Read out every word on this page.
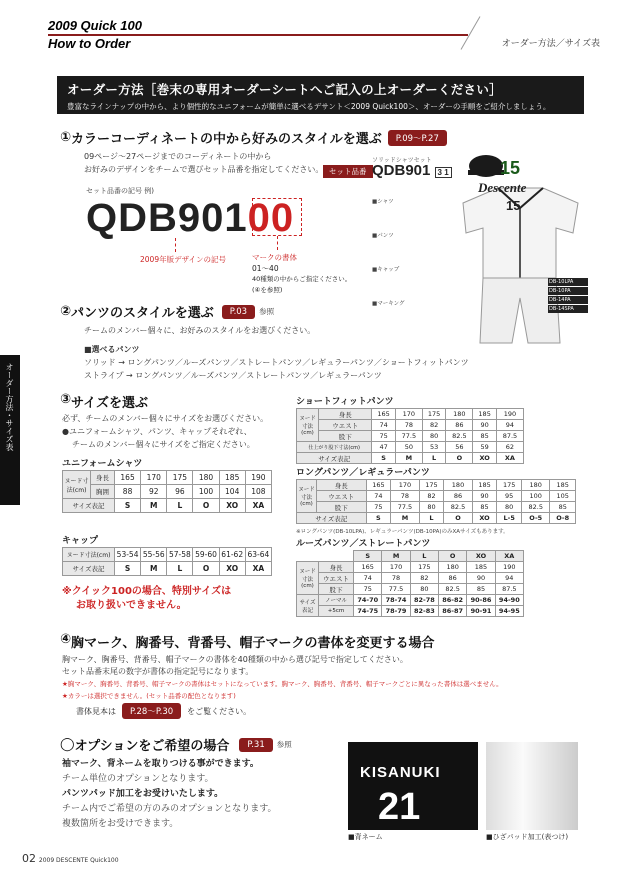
2009 Quick 100
How to Order	オーダー方法／サイズ表
オーダー方法・サイズ表
オーダー方法［巻末の専用オーダーシートへご記入の上オーダーください］
豊富なラインナップの中から、より個性的なユニフォームが簡単に選べるデサント＜2009 Quick100＞、オーダーの手順をご紹介しましょう。
① カラーコーディネートの中から好みのスタイルを選ぶ	P.09〜P.27
09ページ〜27ページまでのコーディネートの中から
お好みのデザインをチームで選びセット品番を指定してください。
セット品番の記号 例)
QDB90100
2009年版デザインの記号	マークの書体
01〜40
40種類の中からご指定ください。
(④を参照)
セット品番
ソリッドシャツセット
QDB901 3 1
■シャツ
■パンツ
■キャップ
■マーキング
Descente
15
15
DB-10LPA
DB-10PA
DB-14PA
DB-14SPA
② パンツのスタイルを選ぶ	P.03	参照
チームのメンバー個々に、お好みのスタイルをお選びください。
■選べるパンツ
ソリッド → ロングパンツ／ルーズパンツ／ストレートパンツ／レギュラーパンツ／ショートフィットパンツ
ストライプ → ロングパンツ／ルーズパンツ／ストレートパンツ／レギュラーパンツ
③ サイズを選ぶ
必ず、チームのメンバー個々にサイズをお選びください。
●ユニフォームシャツ、パンツ、キャップそれぞれ、
チームのメンバー個々にサイズをご指定ください。
ユニフォームシャツ
ヌード寸法(cm)	身長	165	170	175	180	185	190
	胸囲	88	92	96	100	104	108
サイズ表記		S	M	L	O	XO	XA
キャップ
ヌード寸法(cm)	53-54	55-56	57-58	59-60	61-62	63-64
サイズ表記	S	M	L	O	XO	XA
※クイック100の場合、特別サイズは
お取り扱いできません。
ショートフィットパンツ
ヌード寸法(cm)	身長	165	170	175	180	185	190
	ウエスト	74	78	82	86	90	94
	股下	75	77.5	80	82.5	85	87.5
仕上がり股下寸法(cm)		47	50	53	56	59	62
サイズ表記		S	M	L	O	XO	XA
ロングパンツ／レギュラーパンツ
ヌード寸法(cm)	身長	165	170	175	180	185	175	180	185
	ウエスト	74	78	82	86	90	95	100	105
	股下	75	77.5	80	82.5	85	80	82.5	85
サイズ表記		S	M	L	O	XO	L-5	O-5	O-8
※ロングパンツ(DB-10LPA)、レギュラーパンツ(DB-10PA)のみXAサイズもあります。
ルーズパンツ／ストレートパンツ
		S	M	L	O	XO	XA
ヌード寸法(cm)	身長	165	170	175	180	185	190
	ウエスト	74	78	82	86	90	94
	股下	75	77.5	80	82.5	85	87.5
サイズ表記	ノーマル	74-70	78-74	82-78	86-82	90-86	94-90
	+5cm	74-75	78-79	82-83	86-87	90-91	94-95
④ 胸マーク、胸番号、背番号、帽子マークの 書体 を変更する場合
胸マーク、胸番号、背番号、帽子マークの書体を40種類の中から選び記号で指定してください。
セット品番末尾の数字が書体の指定記号になります。
★胸マーク、胸番号、背番号、帽子マークの書体はセットになっています。胸マーク、胸番号、背番号、帽子マークごとに異なった書体は選べません。
★カラーは選択できません。(セット品番の配色となります)
書体見本は	P.28〜P.30	をご覧ください。
◯ オプションをご希望の場合	P.31	参照
袖マーク、背ネームを取りつける事ができます。
チーム単位のオプションとなります。
パンツパッド加工をお受けいたします。
チーム内でご希望の方のみのオプションとなります。
複数箇所をお受けできます。
KISANUKI
21
■背ネーム	■ひざパッド加工(表つけ)
02 2009 DESCENTE Quick100
